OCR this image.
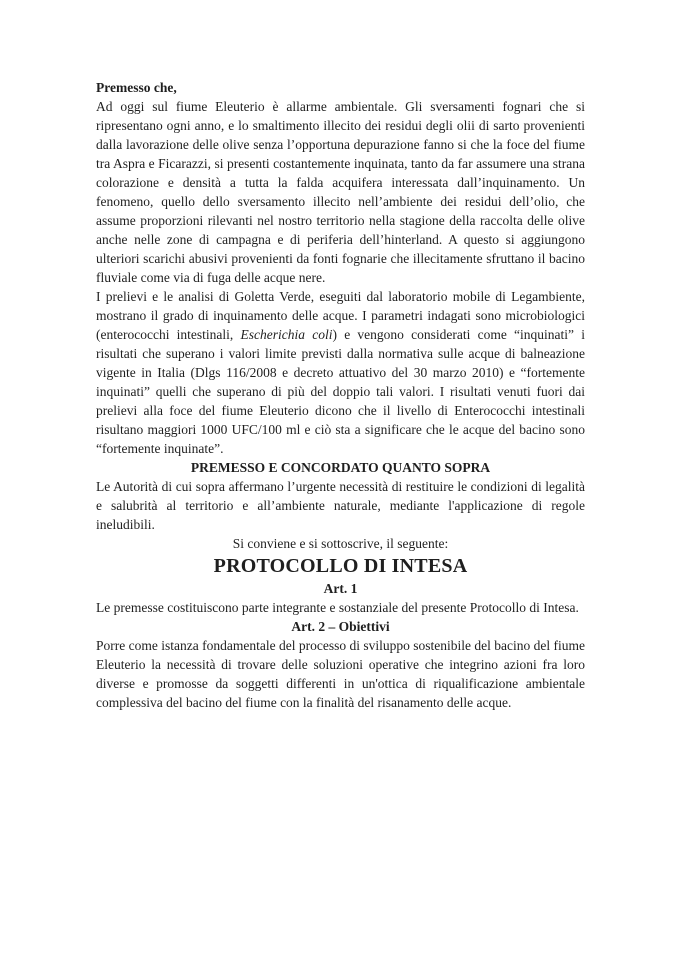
Premesso che,

Ad oggi sul fiume Eleuterio è allarme ambientale. Gli sversamenti fognari che si ripresentano ogni anno, e lo smaltimento illecito dei residui degli olii di sarto provenienti dalla lavorazione delle olive senza l’opportuna depurazione fanno si che la foce del fiume tra Aspra e Ficarazzi, si presenti costantemente inquinata, tanto da far assumere una strana colorazione e densità a tutta la falda acquifera interessata dall’inquinamento. Un fenomeno, quello dello sversamento illecito nell’ambiente dei residui dell’olio, che assume proporzioni rilevanti nel nostro territorio nella stagione della raccolta delle olive anche nelle zone di campagna e di periferia dell’hinterland. A questo si aggiungono ulteriori scarichi abusivi provenienti da fonti fognarie che illecitamente sfruttano il bacino fluviale come via di fuga delle acque nere.

I prelievi e le analisi di Goletta Verde, eseguiti dal laboratorio mobile di Legambiente, mostrano il grado di inquinamento delle acque. I parametri indagati sono microbiologici (enterococchi intestinali, Escherichia coli) e vengono considerati come “inquinati” i risultati che superano i valori limite previsti dalla normativa sulle acque di balneazione vigente in Italia (Dlgs 116/2008 e decreto attuativo del 30 marzo 2010) e “fortemente inquinati” quelli che superano di più del doppio tali valori. I risultati venuti fuori dai prelievi alla foce del fiume Eleuterio dicono che il livello di Enterococchi intestinali risultano maggiori 1000 UFC/100 ml e ciò sta a significare che le acque del bacino sono “fortemente inquinate”.

PREMESSO E CONCORDATO QUANTO SOPRA

Le Autorità di cui sopra affermano l’urgente necessità di restituire le condizioni di legalità e salubrità al territorio e all’ambiente naturale, mediante l'applicazione di regole ineludibili.

Si conviene e si sottoscrive, il seguente:

PROTOCOLLO DI INTESA

Art. 1

Le premesse costituiscono parte integrante e sostanziale del presente Protocollo di Intesa.

Art. 2 – Obiettivi

Porre come istanza fondamentale del processo di sviluppo sostenibile del bacino del fiume Eleuterio la necessità di trovare delle soluzioni operative che integrino azioni fra loro diverse e promosse da soggetti differenti in un'ottica di riqualificazione ambientale complessiva del bacino del fiume con la finalità del risanamento delle acque.
